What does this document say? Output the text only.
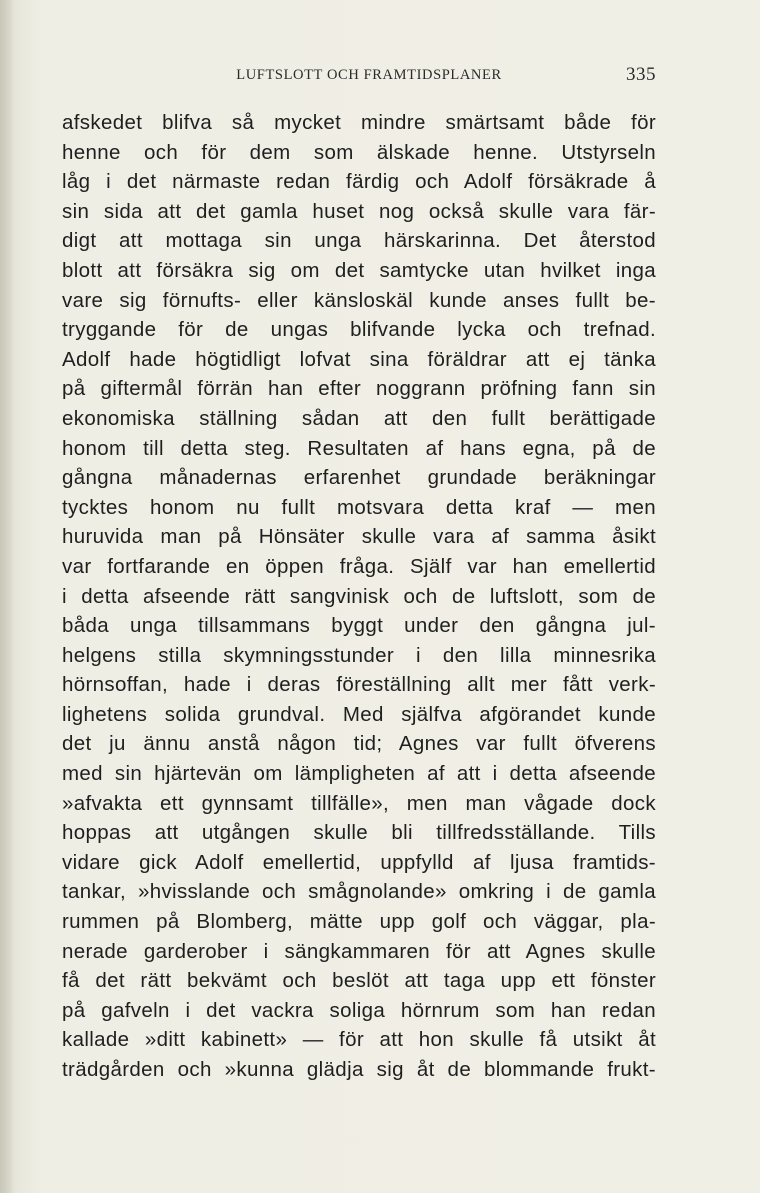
LUFTSLOTT OCH FRAMTIDSPLANER	335
afskedet blifva så mycket mindre smärtsamt både för
henne och för dem som älskade henne. Utstyrseln
låg i det närmaste redan färdig och Adolf försäkrade å
sin sida att det gamla huset nog också skulle vara fär-
digt att mottaga sin unga härskarinna. Det återstod
blott att försäkra sig om det samtycke utan hvilket inga
vare sig förnufts- eller känsloskäl kunde anses fullt be-
tryggande för de ungas blifvande lycka och trefnad.
Adolf hade högtidligt lofvat sina föräldrar att ej tänka
på giftermål förrän han efter noggrann pröfning fann sin
ekonomiska ställning sådan att den fullt berättigade
honom till detta steg. Resultaten af hans egna, på de
gångna månadernas erfarenhet grundade beräkningar
tycktes honom nu fullt motsvara detta kraf — men
huruvida man på Hönsäter skulle vara af samma åsikt
var fortfarande en öppen fråga. Själf var han emellertid
i detta afseende rätt sangvinisk och de luftslott, som de
båda unga tillsammans byggt under den gångna jul-
helgens stilla skymningsstunder i den lilla minnesrika
hörnsoffan, hade i deras föreställning allt mer fått verk-
lighetens solida grundval. Med själfva afgörandet kunde
det ju ännu anstå någon tid; Agnes var fullt öfverens
med sin hjärtevän om lämpligheten af att i detta afseende
»afvakta ett gynnsamt tillfälle», men man vågade dock
hoppas att utgången skulle bli tillfredsställande. Tills
vidare gick Adolf emellertid, uppfylld af ljusa framtids-
tankar, »hvisslande och smågnolande» omkring i de gamla
rummen på Blomberg, mätte upp golf och väggar, pla-
nerade garderober i sängkammaren för att Agnes skulle
få det rätt bekvämt och beslöt att taga upp ett fönster
på gafveln i det vackra soliga hörnrum som han redan
kallade »ditt kabinett» — för att hon skulle få utsikt åt
trädgården och »kunna glädja sig åt de blommande frukt-
